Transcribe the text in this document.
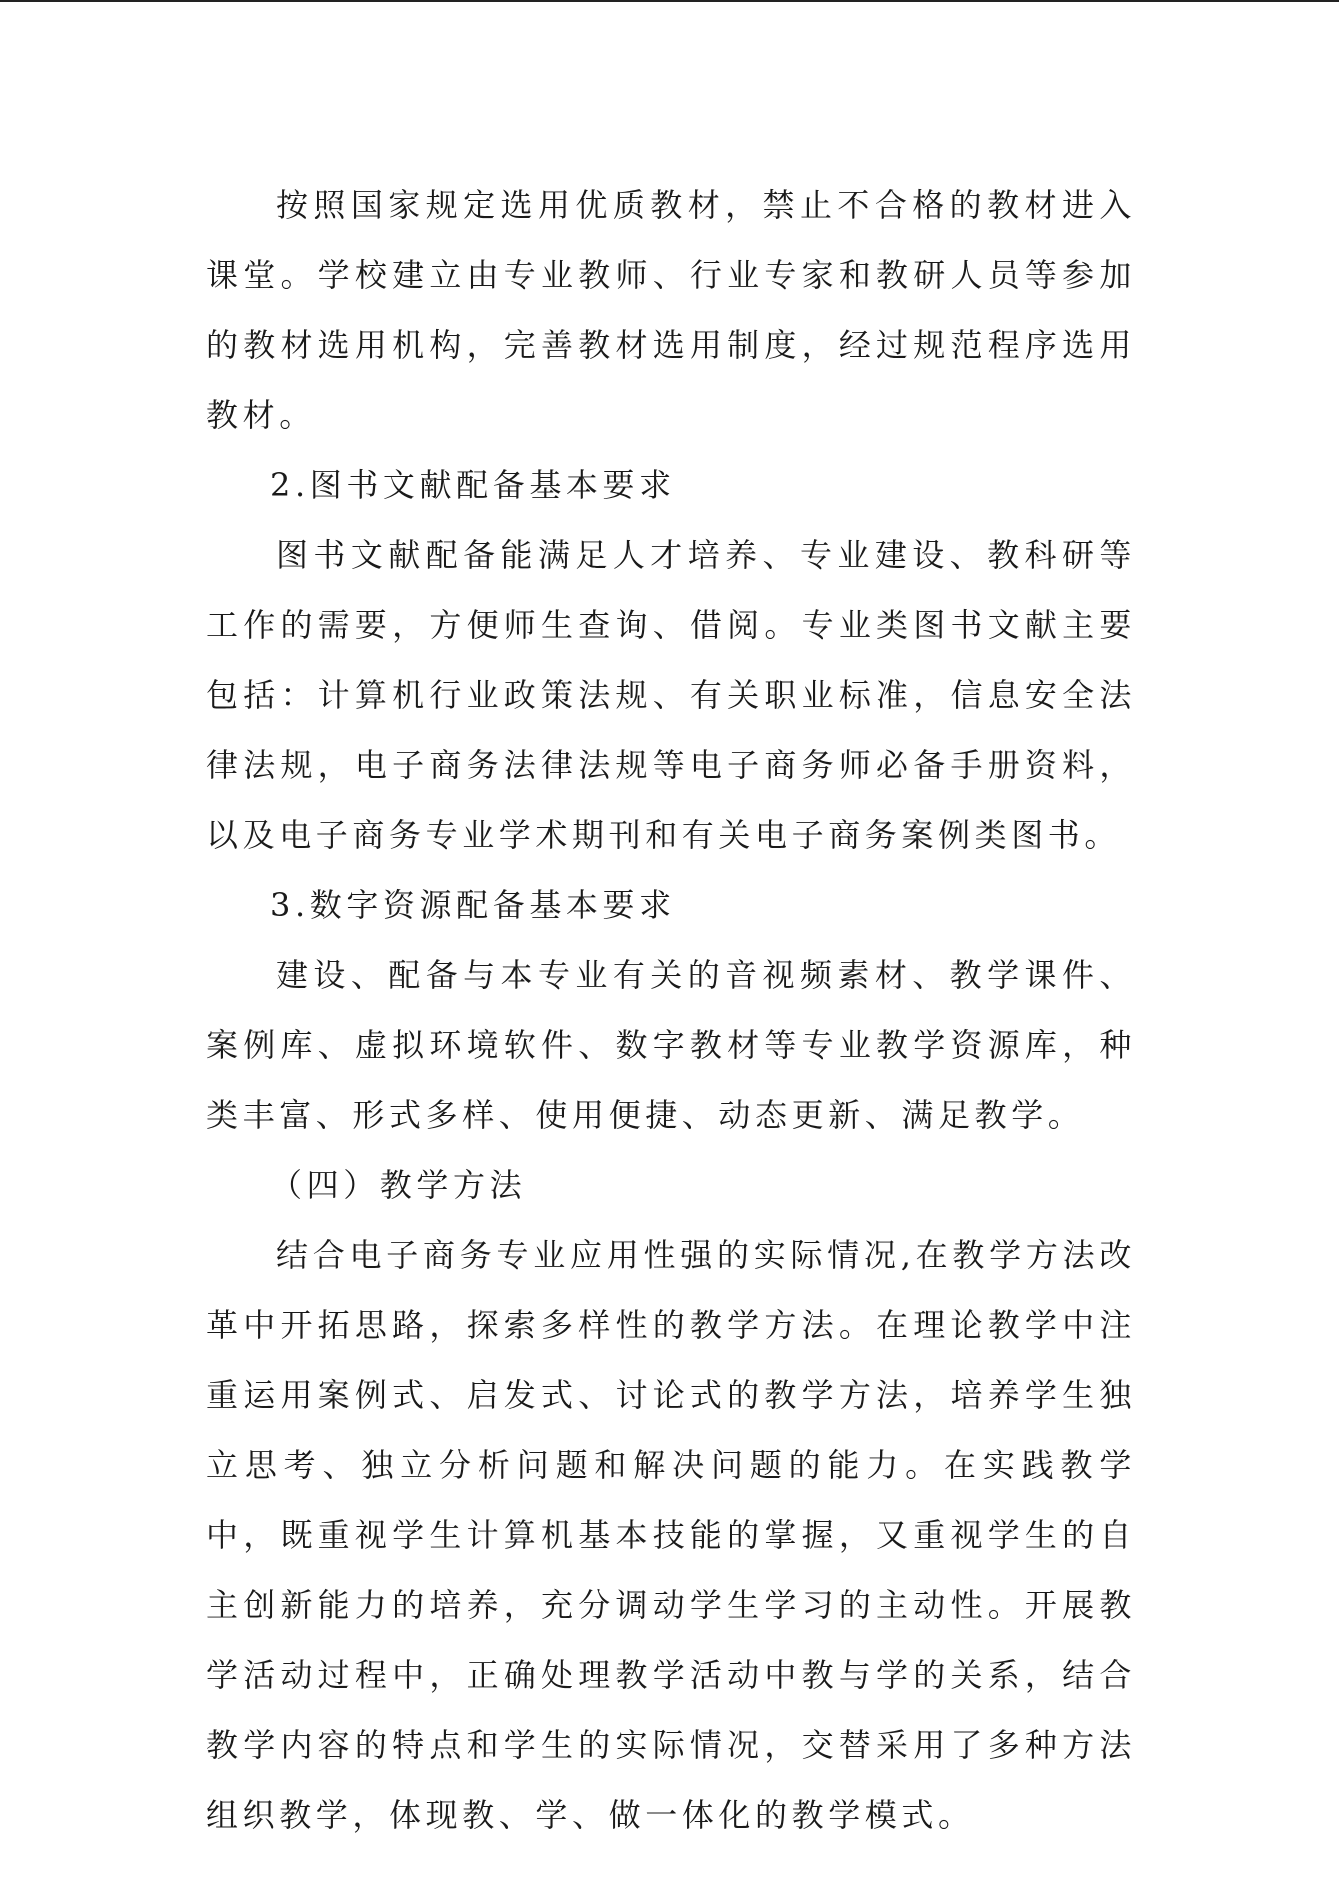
按照国家规定选用优质教材，禁止不合格的教材进入课堂。学校建立由专业教师、行业专家和教研人员等参加的教材选用机构，完善教材选用制度，经过规范程序选用教材。

2.图书文献配备基本要求

图书文献配备能满足人才培养、专业建设、教科研等工作的需要，方便师生查询、借阅。专业类图书文献主要包括：计算机行业政策法规、有关职业标准，信息安全法律法规，电子商务法律法规等电子商务师必备手册资料，以及电子商务专业学术期刊和有关电子商务案例类图书。

3.数字资源配备基本要求

建设、配备与本专业有关的音视频素材、教学课件、案例库、虚拟环境软件、数字教材等专业教学资源库，种类丰富、形式多样、使用便捷、动态更新、满足教学。

（四）教学方法

结合电子商务专业应用性强的实际情况,在教学方法改革中开拓思路，探索多样性的教学方法。在理论教学中注重运用案例式、启发式、讨论式的教学方法，培养学生独立思考、独立分析问题和解决问题的能力。在实践教学中，既重视学生计算机基本技能的掌握，又重视学生的自主创新能力的培养，充分调动学生学习的主动性。开展教学活动过程中，正确处理教学活动中教与学的关系，结合教学内容的特点和学生的实际情况，交替采用了多种方法组织教学，体现教、学、做一体化的教学模式。
